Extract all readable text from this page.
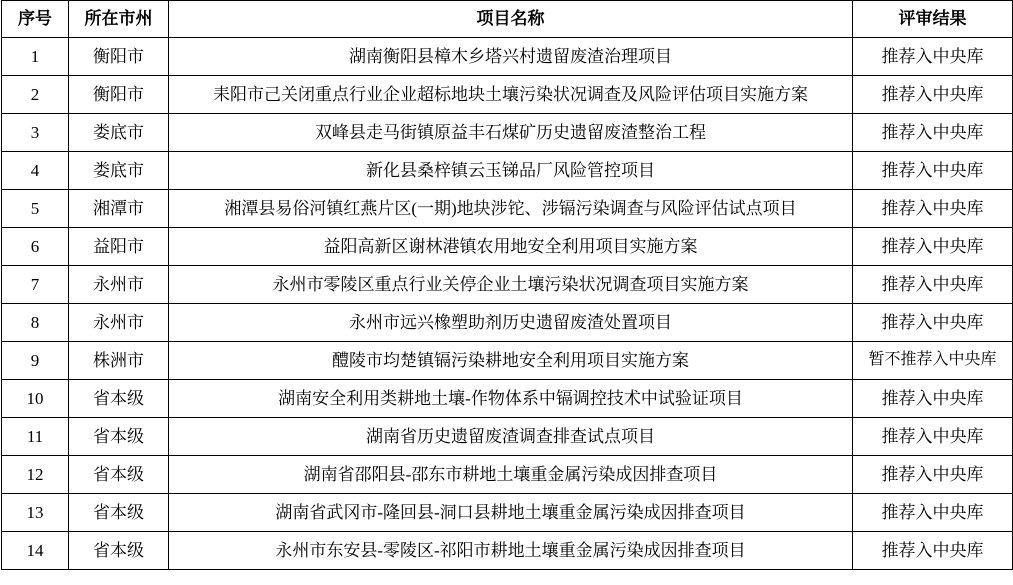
序号	所在市州	项目名称	评审结果
1	衡阳市	湖南衡阳县樟木乡塔兴村遗留废渣治理项目	推荐入中央库
2	衡阳市	耒阳市己关闭重点行业企业超标地块土壤污染状况调查及风险评估项目实施方案	推荐入中央库
3	娄底市	双峰县走马街镇原益丰石煤矿历史遗留废渣整治工程	推荐入中央库
4	娄底市	新化县桑梓镇云玉锑品厂风险管控项目	推荐入中央库
5	湘潭市	湘潭县易俗河镇红燕片区(一期)地块涉铊、涉镉污染调查与风险评估试点项目	推荐入中央库
6	益阳市	益阳高新区谢林港镇农用地安全利用项目实施方案	推荐入中央库
7	永州市	永州市零陵区重点行业关停企业土壤污染状况调查项目实施方案	推荐入中央库
8	永州市	永州市远兴橡塑助剂历史遗留废渣处置项目	推荐入中央库
9	株洲市	醴陵市均楚镇镉污染耕地安全利用项目实施方案	暂不推荐入中央库
10	省本级	湖南安全利用类耕地土壤-作物体系中镉调控技术中试验证项目	推荐入中央库
11	省本级	湖南省历史遗留废渣调查排查试点项目	推荐入中央库
12	省本级	湖南省邵阳县-邵东市耕地土壤重金属污染成因排查项目	推荐入中央库
13	省本级	湖南省武冈市-隆回县-洞口县耕地土壤重金属污染成因排查项目	推荐入中央库
14	省本级	永州市东安县-零陵区-祁阳市耕地土壤重金属污染成因排查项目	推荐入中央库
